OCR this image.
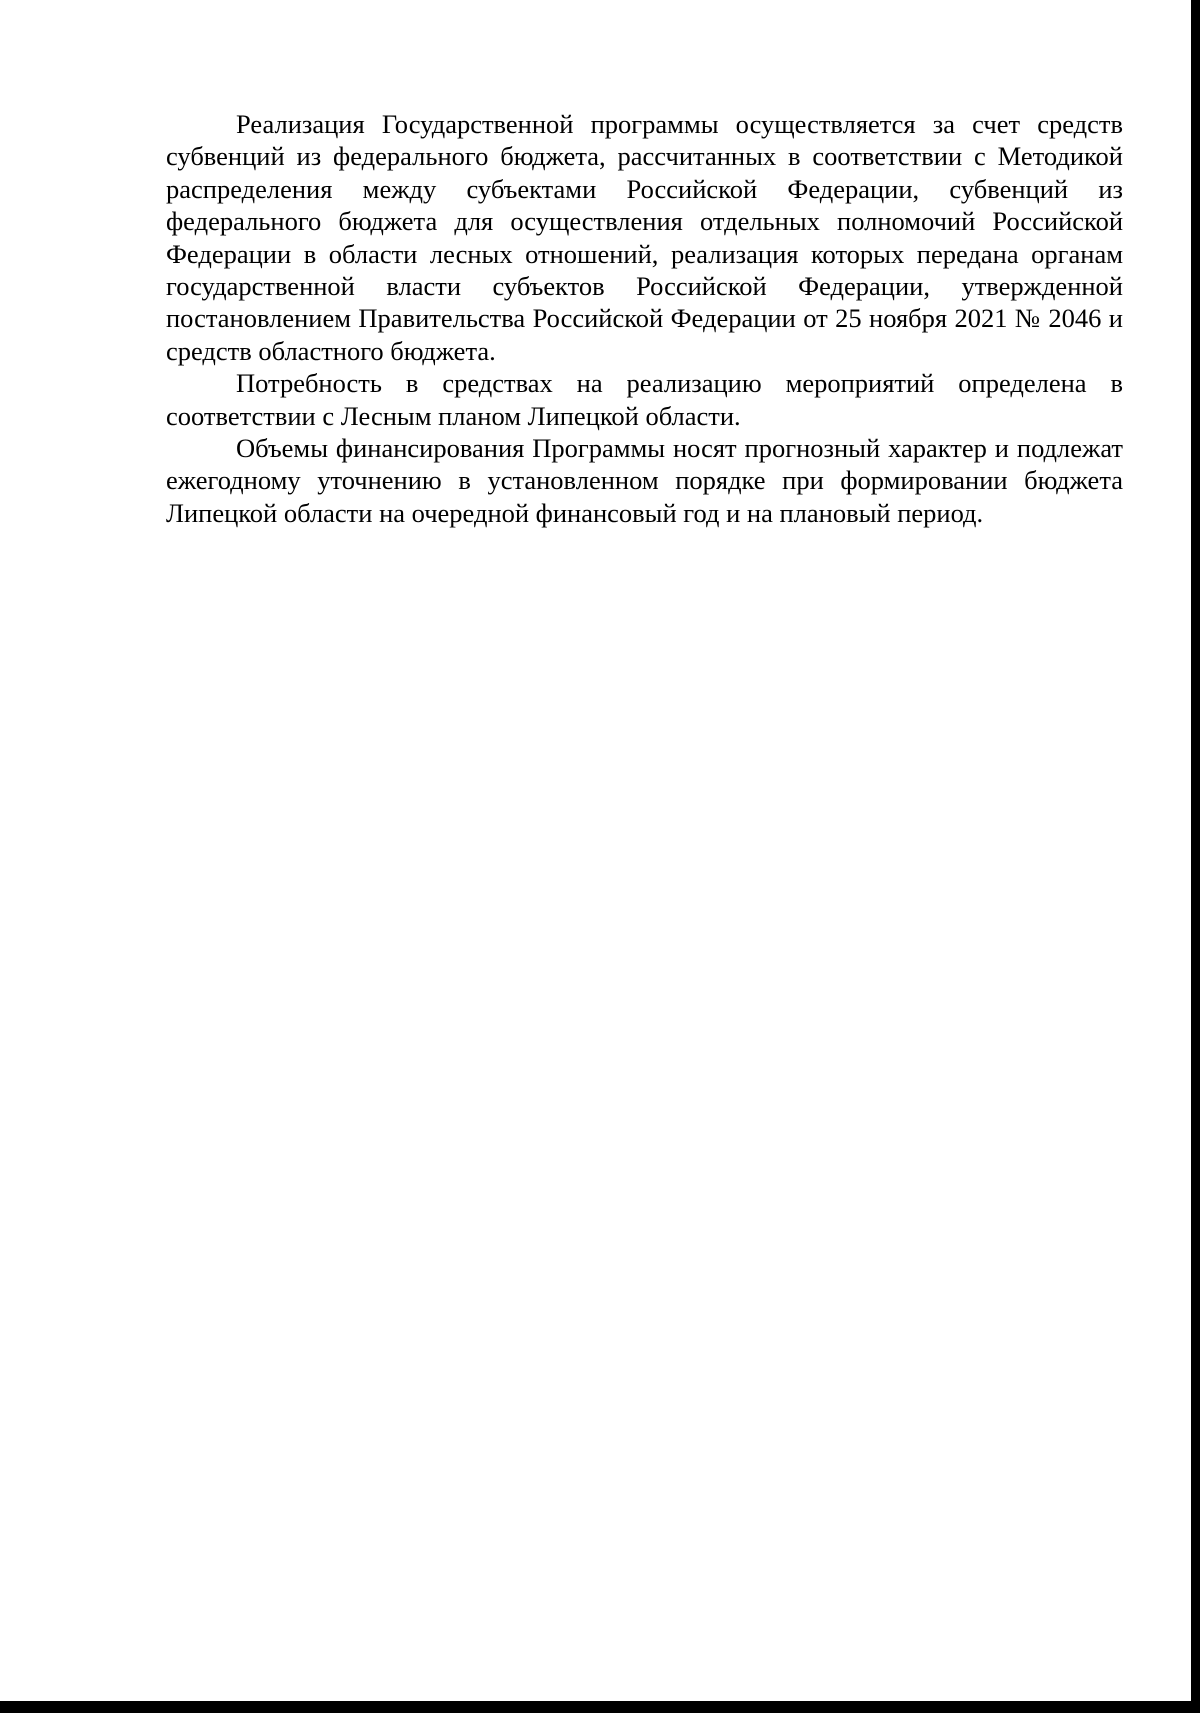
Реализация Государственной программы осуществляется за счет средств субвенций из федерального бюджета, рассчитанных в соответствии с Методикой распределения между субъектами Российской Федерации, субвенций из федерального бюджета для осуществления отдельных полномочий Российской Федерации в области лесных отношений, реализация которых передана органам государственной власти субъектов Российской Федерации, утвержденной постановлением Правительства Российской Федерации от 25 ноября 2021 № 2046 и средств областного бюджета.

Потребность в средствах на реализацию мероприятий определена в соответствии с Лесным планом Липецкой области.

Объемы финансирования Программы носят прогнозный характер и подлежат ежегодному уточнению в установленном порядке при формировании бюджета Липецкой области на очередной финансовый год и на плановый период.
